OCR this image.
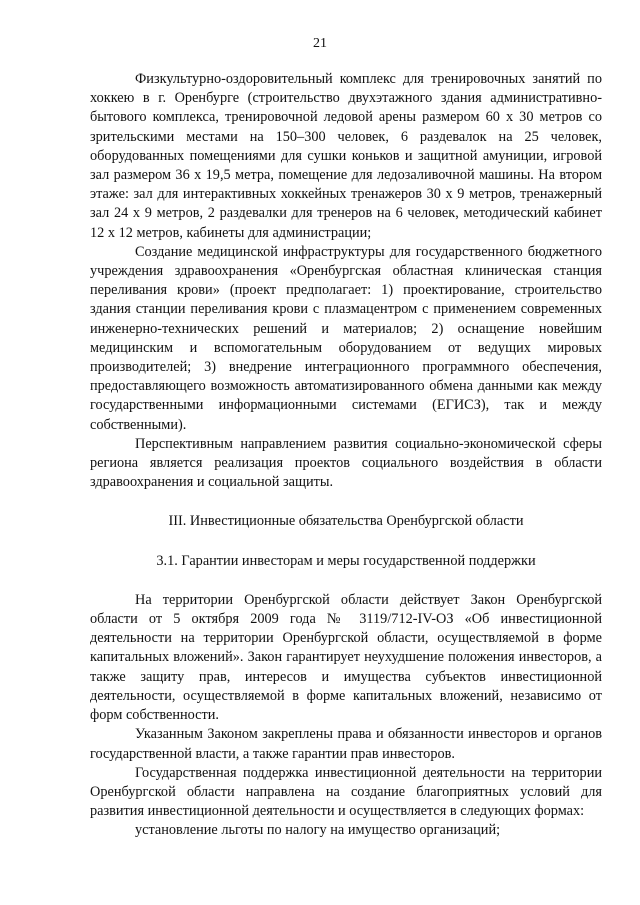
21

Физкультурно-оздоровительный комплекс для тренировочных занятий по хоккею в г. Оренбурге (строительство двухэтажного здания административно-бытового комплекса, тренировочной ледовой арены размером 60 х 30 метров со зрительскими местами на 150–300 человек, 6 раздевалок на 25 человек, оборудованных помещениями для сушки коньков и защитной амуниции, игровой зал размером 36 х 19,5 метра, помещение для ледозаливочной машины. На втором этаже: зал для интерактивных хоккейных тренажеров 30 х 9 метров, тренажерный зал 24 х 9 метров, 2 раздевалки для тренеров на 6 человек, методический кабинет 12 х 12 метров, кабинеты для администрации;

Создание медицинской инфраструктуры для государственного бюджетного учреждения здравоохранения «Оренбургская областная клиническая станция переливания крови» (проект предполагает: 1) проектирование, строительство здания станции переливания крови с плазмацентром с применением современных инженерно-технических решений и материалов; 2) оснащение новейшим медицинским и вспомогательным оборудованием от ведущих мировых производителей; 3) внедрение интеграционного программного обеспечения, предоставляющего возможность автоматизированного обмена данными как между государственными информационными системами (ЕГИСЗ), так и между собственными).

Перспективным направлением развития социально-экономической сферы региона является реализация проектов социального воздействия в области здравоохранения и социальной защиты.

III. Инвестиционные обязательства Оренбургской области
3.1. Гарантии инвесторам и меры государственной поддержки

На территории Оренбургской области действует Закон Оренбургской области от 5 октября 2009 года № 3119/712-IV-ОЗ «Об инвестиционной деятельности на территории Оренбургской области, осуществляемой в форме капитальных вложений». Закон гарантирует неухудшение положения инвесторов, а также защиту прав, интересов и имущества субъектов инвестиционной деятельности, осуществляемой в форме капитальных вложений, независимо от форм собственности.

Указанным Законом закреплены права и обязанности инвесторов и органов государственной власти, а также гарантии прав инвесторов.

Государственная поддержка инвестиционной деятельности на территории Оренбургской области направлена на создание благоприятных условий для развития инвестиционной деятельности и осуществляется в следующих формах:

установление льготы по налогу на имущество организаций;
